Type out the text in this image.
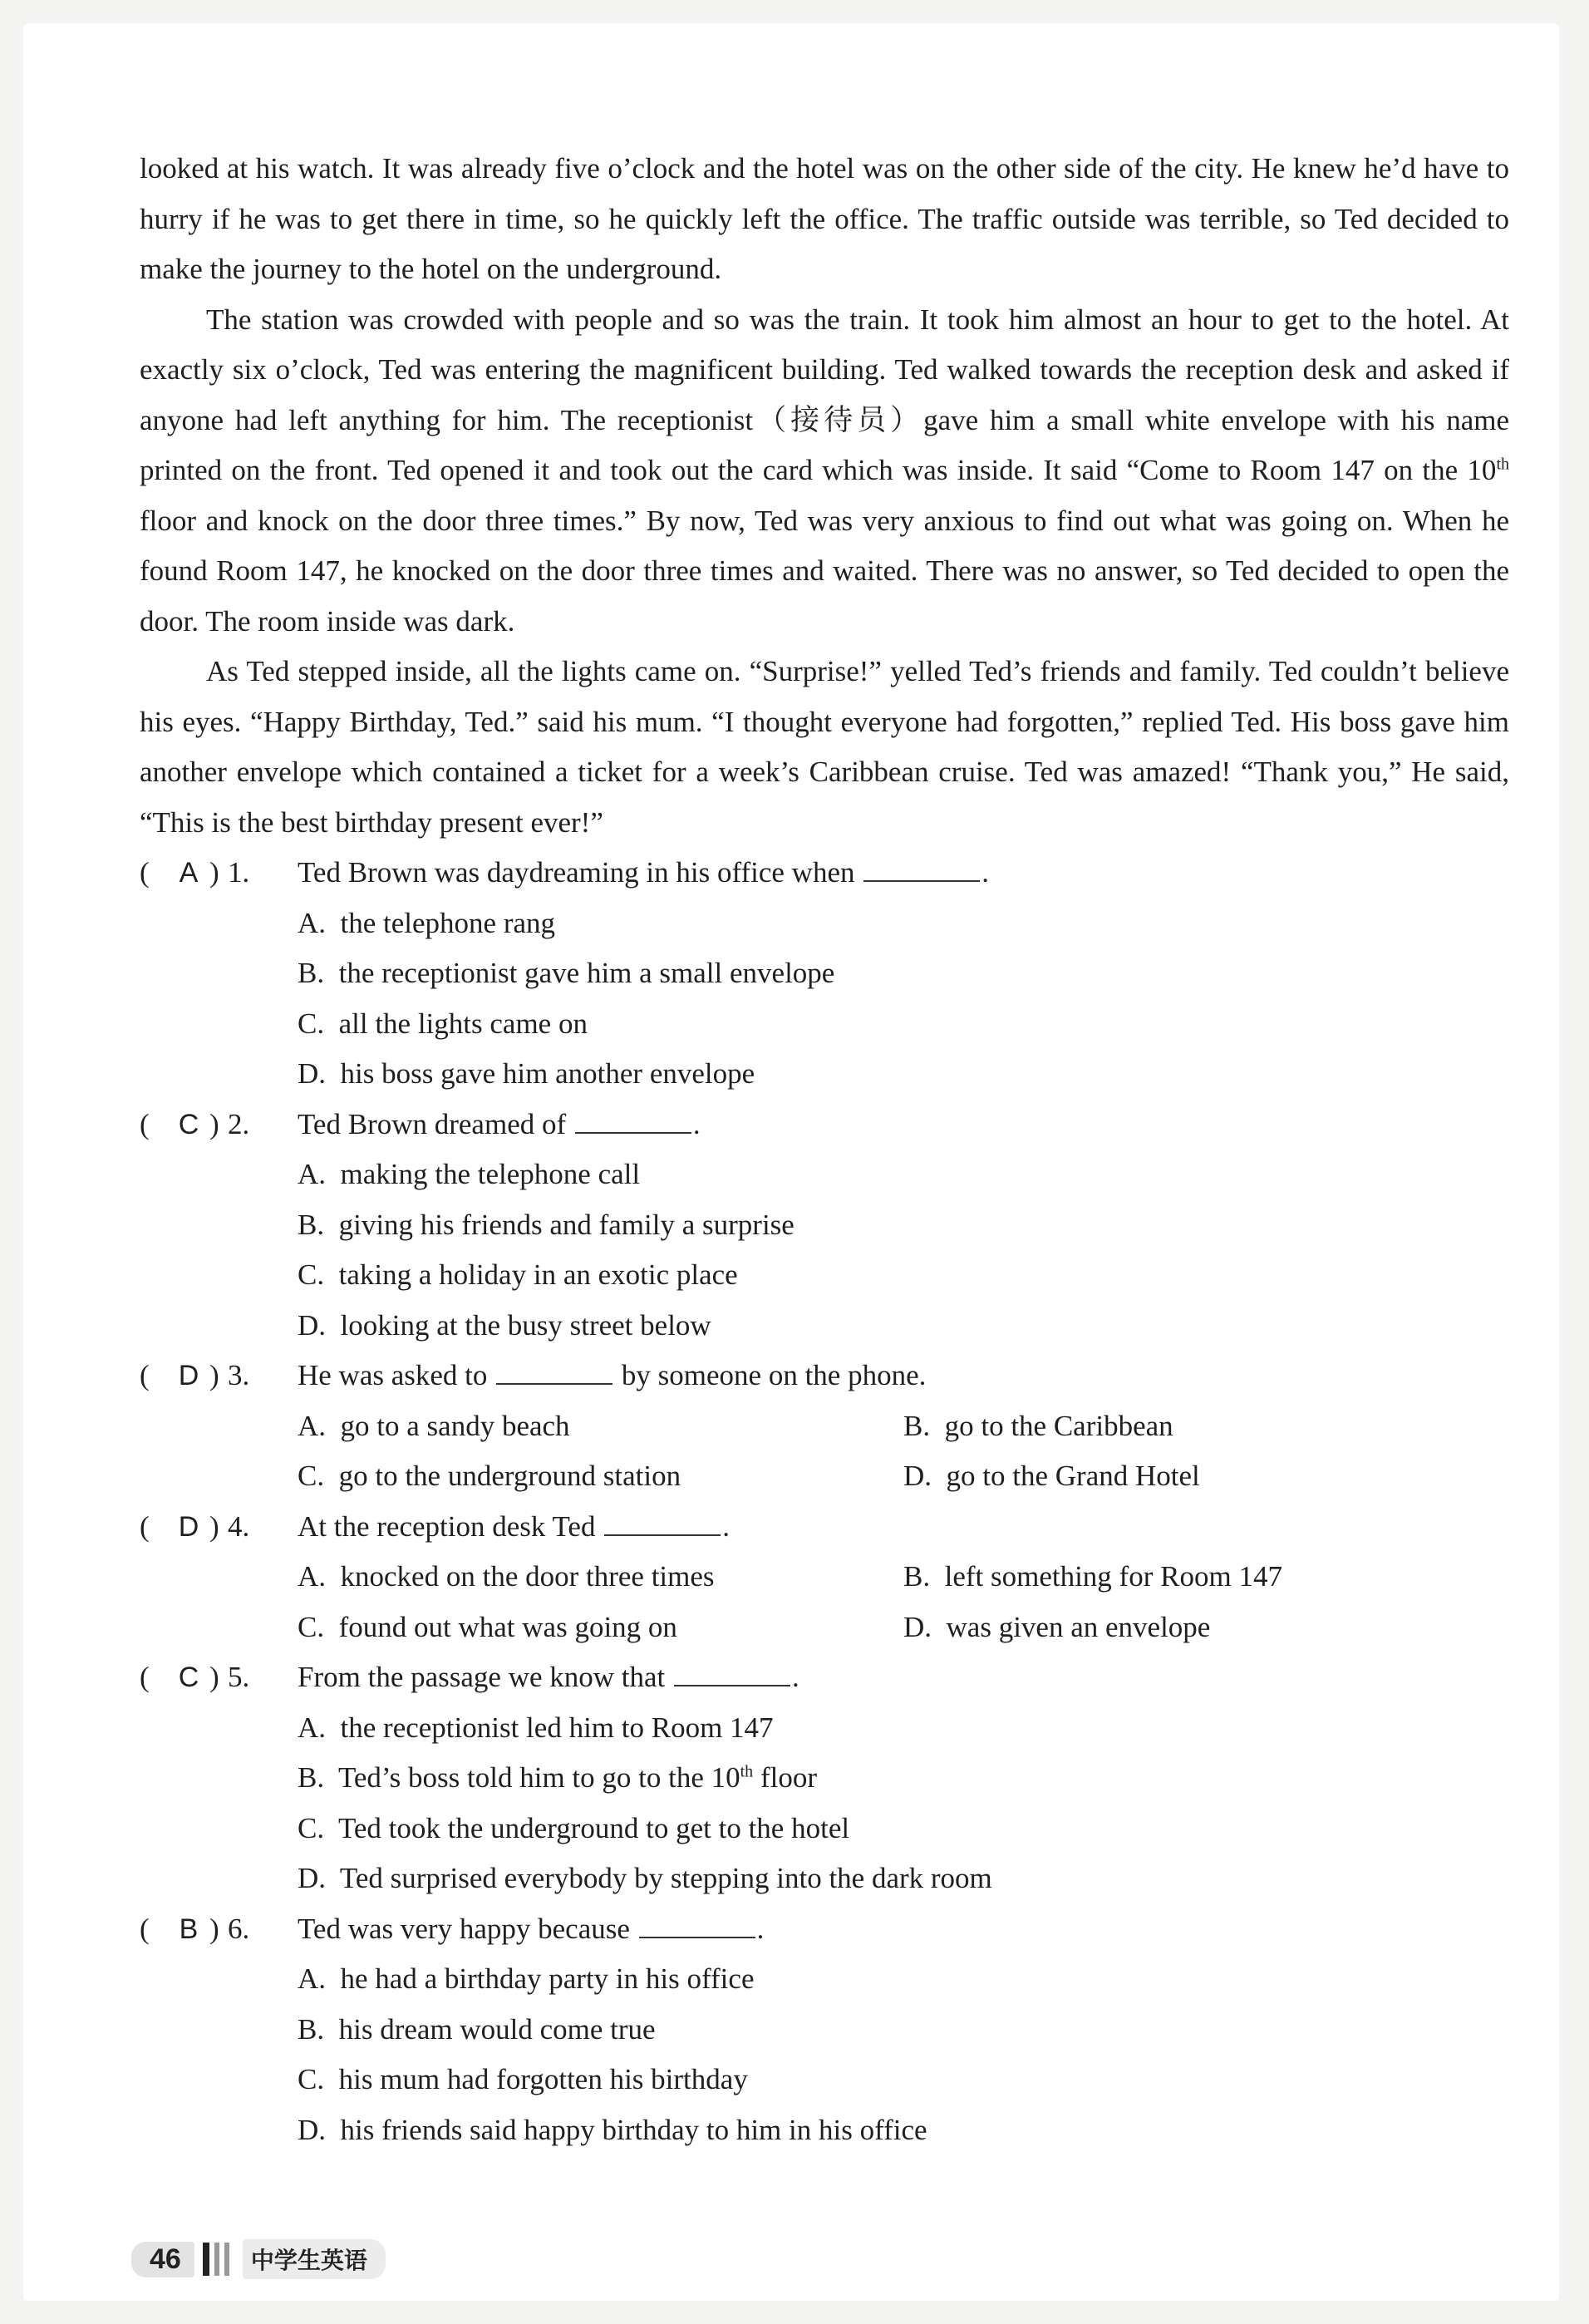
looked at his watch. It was already five o’clock and the hotel was on the other side of the city. He knew he’d have to hurry if he was to get there in time, so he quickly left the office. The traffic outside was terrible, so Ted decided to make the journey to the hotel on the underground.

The station was crowded with people and so was the train. It took him almost an hour to get to the hotel. At exactly six o’clock, Ted was entering the magnificent building. Ted walked towards the reception desk and asked if anyone had left anything for him. The receptionist（接待员）gave him a small white envelope with his name printed on the front. Ted opened it and took out the card which was inside. It said “Come to Room 147 on the 10th floor and knock on the door three times.” By now, Ted was very anxious to find out what was going on. When he found Room 147, he knocked on the door three times and waited. There was no answer, so Ted decided to open the door. The room inside was dark.

As Ted stepped inside, all the lights came on. “Surprise!” yelled Ted’s friends and family. Ted couldn’t believe his eyes. “Happy Birthday, Ted.” said his mum. “I thought everyone had forgotten,” replied Ted. His boss gave him another envelope which contained a ticket for a week’s Caribbean cruise. Ted was amazed! “Thank you,” He said, “This is the best birthday present ever!”

(	A ) 1.	Ted Brown was daydreaming in his office when	.
A.  the telephone rang
B.  the receptionist gave him a small envelope
C.  all the lights came on
D.  his boss gave him another envelope
(	C ) 2.	Ted Brown dreamed of	.
A.  making the telephone call
B.  giving his friends and family a surprise
C.  taking a holiday in an exotic place
D.  looking at the busy street below
(	D ) 3.	He was asked to	by someone on the phone.
A.  go to a sandy beach	B.  go to the Caribbean
C.  go to the underground station	D.  go to the Grand Hotel
(	D ) 4.	At the reception desk Ted	.
A.  knocked on the door three times	B.  left something for Room 147
C.  found out what was going on	D.  was given an envelope
(	C ) 5.	From the passage we know that	.
A.  the receptionist led him to Room 147
B.  Ted’s boss told him to go to the 10th floor
C.  Ted took the underground to get to the hotel
D.  Ted surprised everybody by stepping into the dark room
(	B ) 6.	Ted was very happy because	.
A.  he had a birthday party in his office
B.  his dream would come true
C.  his mum had forgotten his birthday
D.  his friends said happy birthday to him in his office
46	中学生英语
